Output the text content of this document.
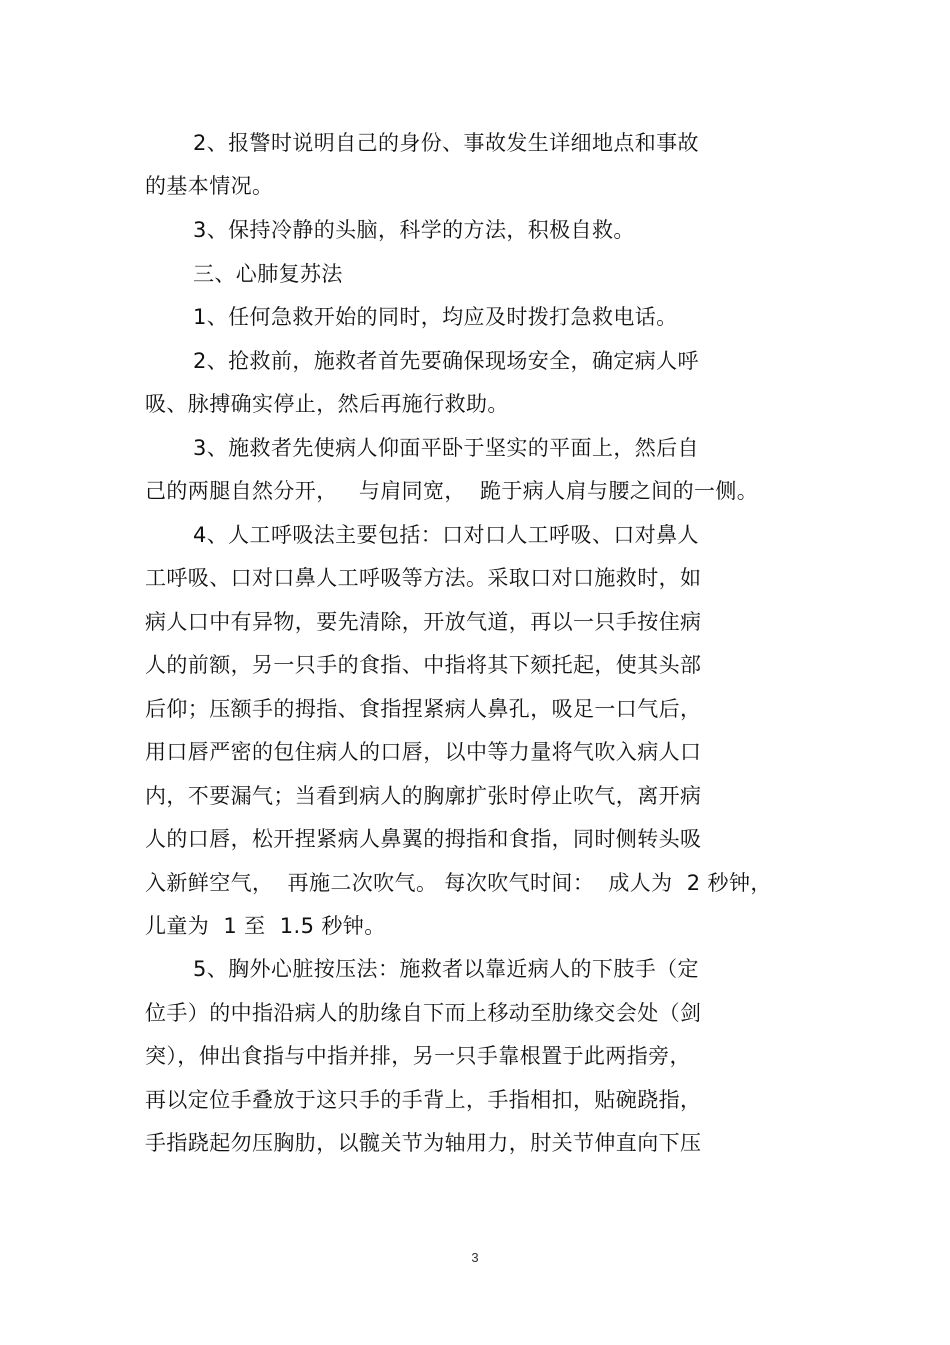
2、报警时说明自己的身份、事故发生详细地点和事故
的基本情况。
3、保持冷静的头脑，科学的方法，积极自救。
三、心肺复苏法
1、任何急救开始的同时，均应及时拨打急救电话。
2、抢救前，施救者首先要确保现场安全，确定病人呼
吸、脉搏确实停止，然后再施行救助。
3、施救者先使病人仰面平卧于坚实的平面上，然后自
己的两腿自然分开，   与肩同宽，  跪于病人肩与腰之间的一侧。
4、人工呼吸法主要包括：口对口人工呼吸、口对鼻人
工呼吸、口对口鼻人工呼吸等方法。采取口对口施救时，如
病人口中有异物，要先清除，开放气道，再以一只手按住病
人的前额，另一只手的食指、中指将其下颏托起，使其头部
后仰；压额手的拇指、食指捏紧病人鼻孔，吸足一口气后，
用口唇严密的包住病人的口唇，以中等力量将气吹入病人口
内，不要漏气；当看到病人的胸廓扩张时停止吹气，离开病
人的口唇，松开捏紧病人鼻翼的拇指和食指，同时侧转头吸
入新鲜空气，  再施二次吹气。 每次吹气时间：  成人为  2 秒钟，
儿童为  1 至  1.5 秒钟。
5、胸外心脏按压法：施救者以靠近病人的下肢手（定
位手）的中指沿病人的肋缘自下而上移动至肋缘交会处（剑
突），伸出食指与中指并排，另一只手靠根置于此两指旁，
再以定位手叠放于这只手的手背上，手指相扣，贴碗跷指，
手指跷起勿压胸肋，以髋关节为轴用力，肘关节伸直向下压
3
